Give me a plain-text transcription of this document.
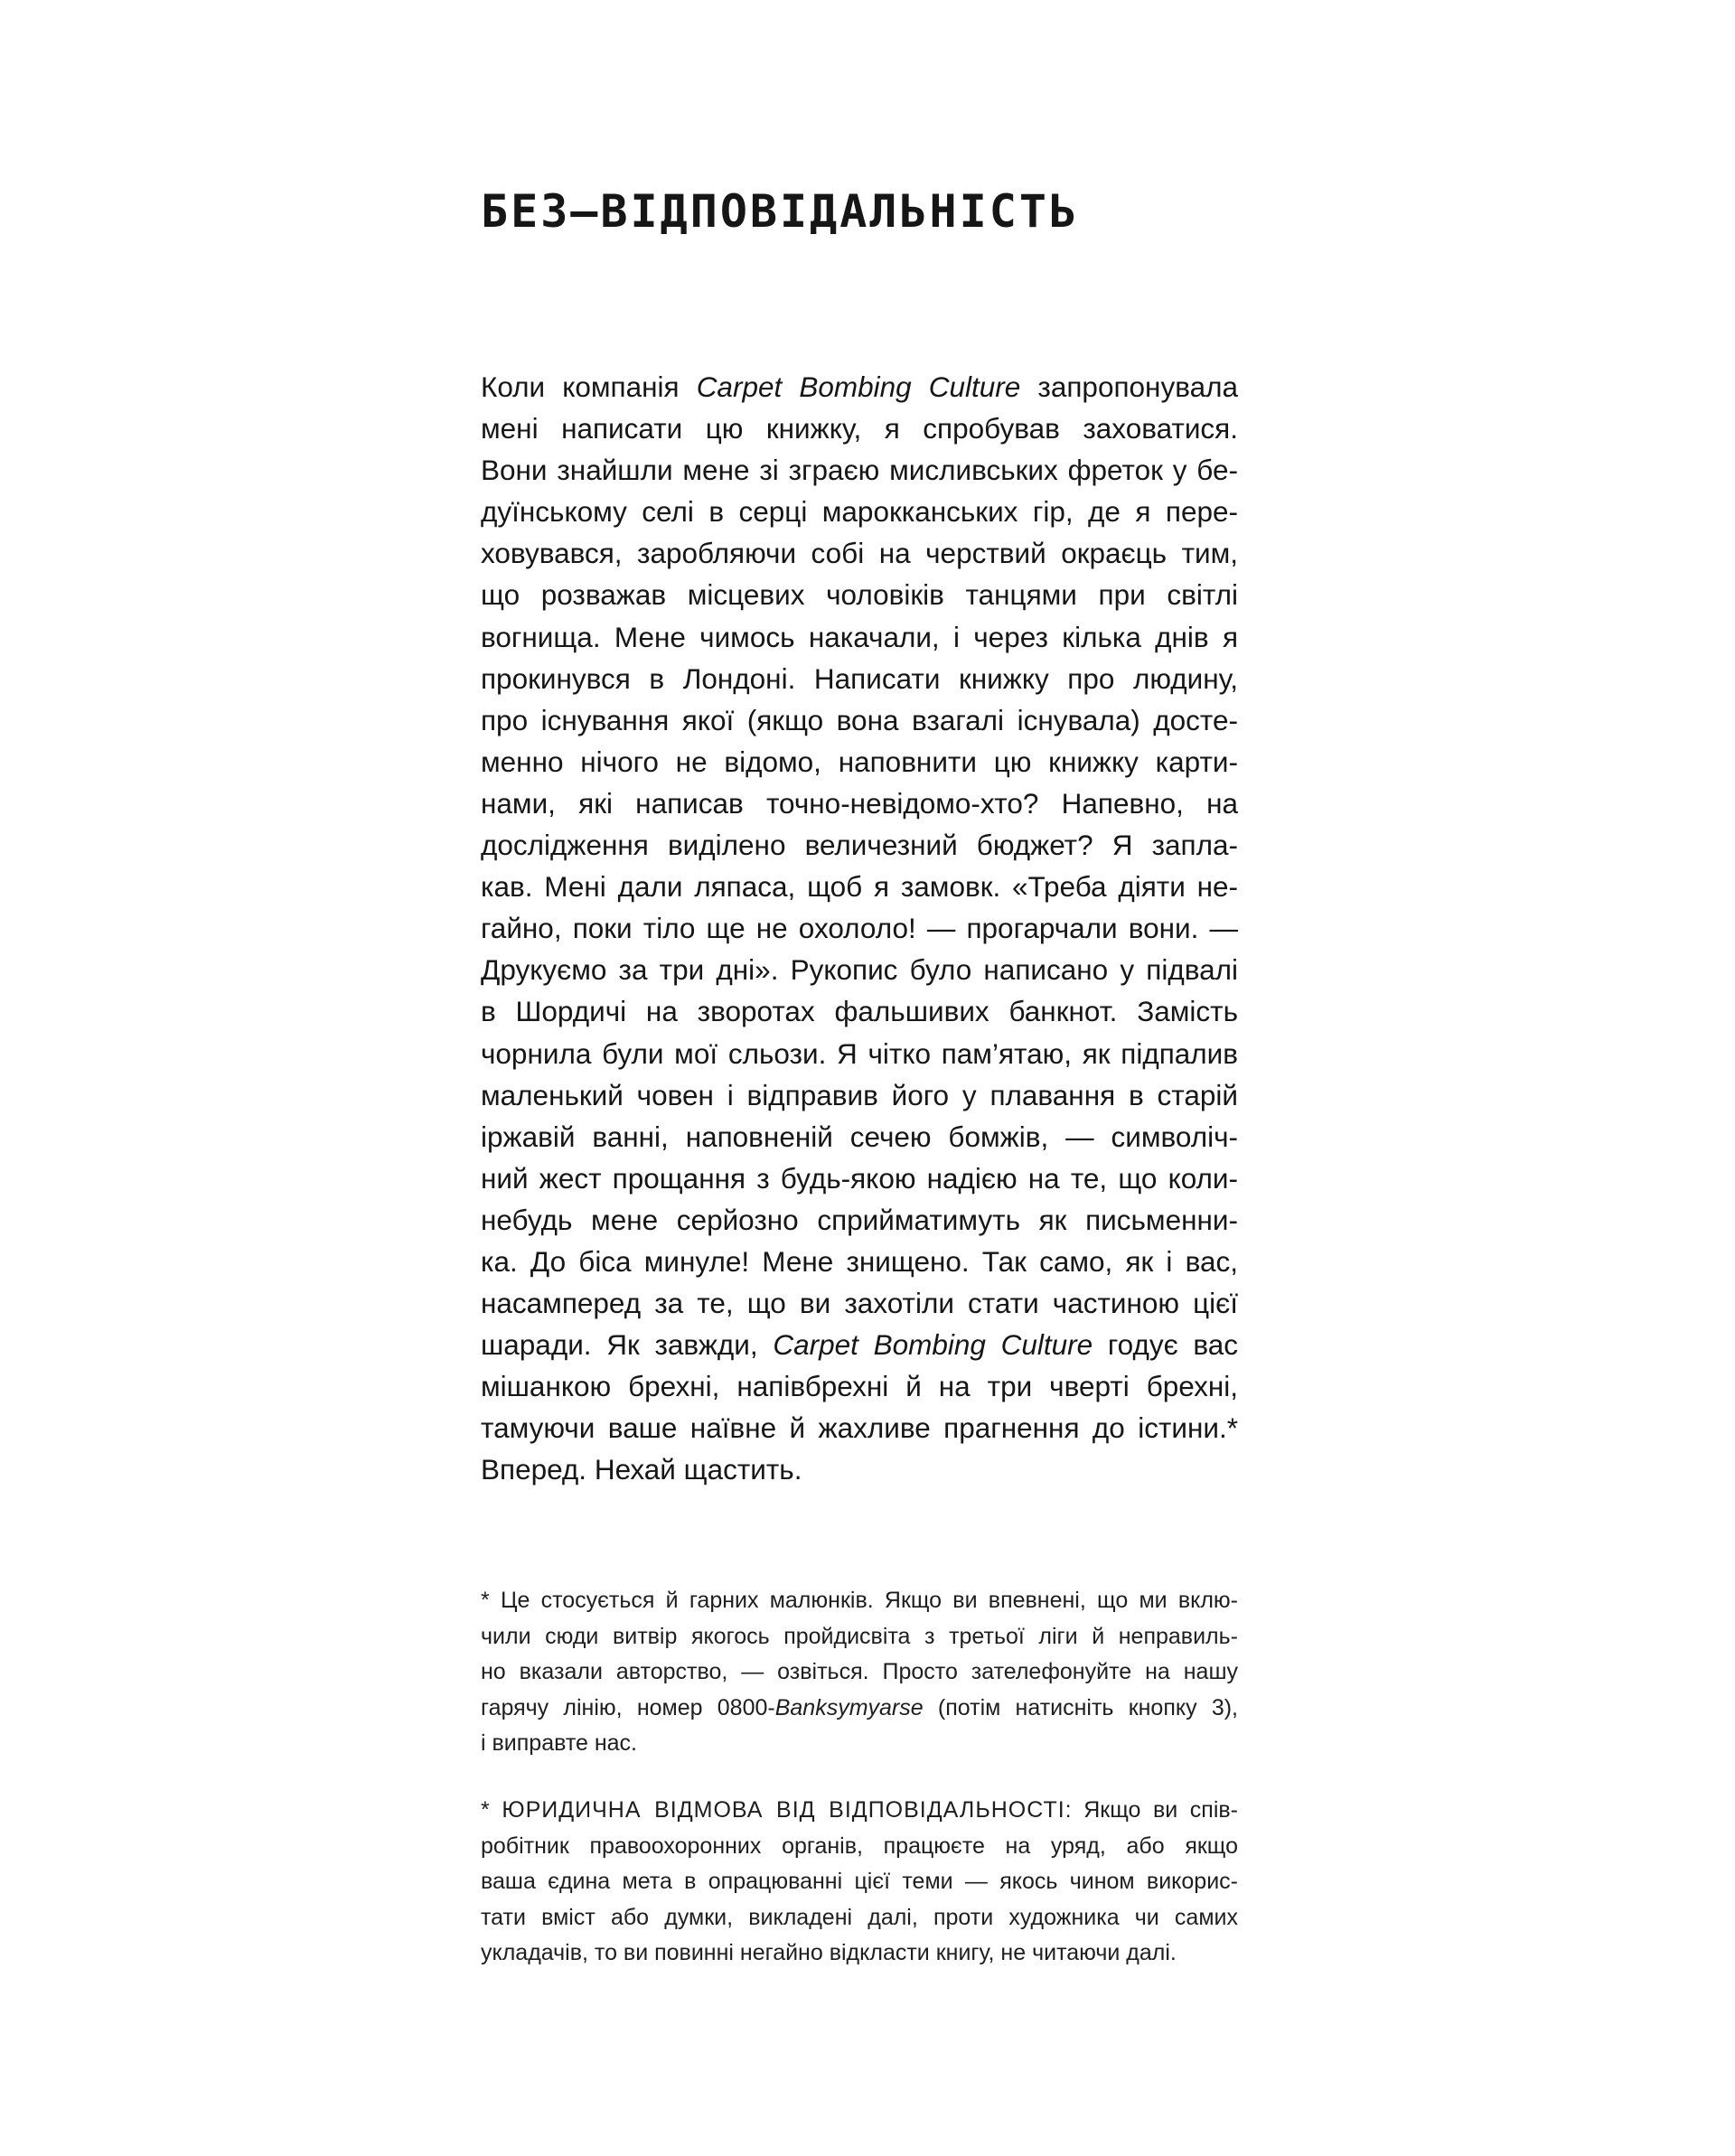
БЕЗ–ВІДПОВІДАЛЬНІСТЬ
Коли компанія Carpet Bombing Culture запропонувала
мені написати цю книжку, я спробував заховатися.
Вони знайшли мене зі зграєю мисливських фреток у бе-
дуїнському селі в серці марокканських гір, де я пере-
ховувався, заробляючи собі на черствий окраєць тим,
що розважав місцевих чоловіків танцями при світлі
вогнища. Мене чимось накачали, і через кілька днів я
прокинувся в Лондоні. Написати книжку про людину,
про існування якої (якщо вона взагалі існувала) досте-
менно нічого не відомо, наповнити цю книжку карти-
нами, які написав точно-невідомо-хто? Напевно, на
дослідження виділено величезний бюджет? Я запла-
кав. Мені дали ляпаса, щоб я замовк. «Треба діяти не-
гайно, поки тіло ще не охололо! — прогарчали вони. —
Друкуємо за три дні». Рукопис було написано у підвалі
в Шордичі на зворотах фальшивих банкнот. Замість
чорнила були мої сльози. Я чітко пам’ятаю, як підпалив
маленький човен і відправив його у плавання в старій
іржавій ванні, наповненій сечею бомжів, — символіч-
ний жест прощання з будь-якою надією на те, що коли-
небудь мене серйозно сприйматимуть як письменни-
ка. До біса минуле! Мене знищено. Так само, як і вас,
насамперед за те, що ви захотіли стати частиною цієї
шаради. Як завжди, Carpet Bombing Culture годує вас
мішанкою брехні, напівбрехні й на три чверті брехні,
тамуючи ваше наївне й жахливе прагнення до істини.*
Вперед. Нехай щастить.
* Це стосується й гарних малюнків. Якщо ви впевнені, що ми вклю-
чили сюди витвір якогось пройдисвіта з третьої ліги й неправиль-
но вказали авторство, — озвіться. Просто зателефонуйте на нашу
гарячу лінію, номер 0800-Banksymyarse (потім натисніть кнопку 3),
і виправте нас.
* ЮРИДИЧНА ВІДМОВА ВІД ВІДПОВІДАЛЬНОСТІ: Якщо ви спів-
робітник правоохоронних органів, працюєте на уряд, або якщо
ваша єдина мета в опрацюванні цієї теми — якось чином викорис-
тати вміст або думки, викладені далі, проти художника чи самих
укладачів, то ви повинні негайно відкласти книгу, не читаючи далі.
